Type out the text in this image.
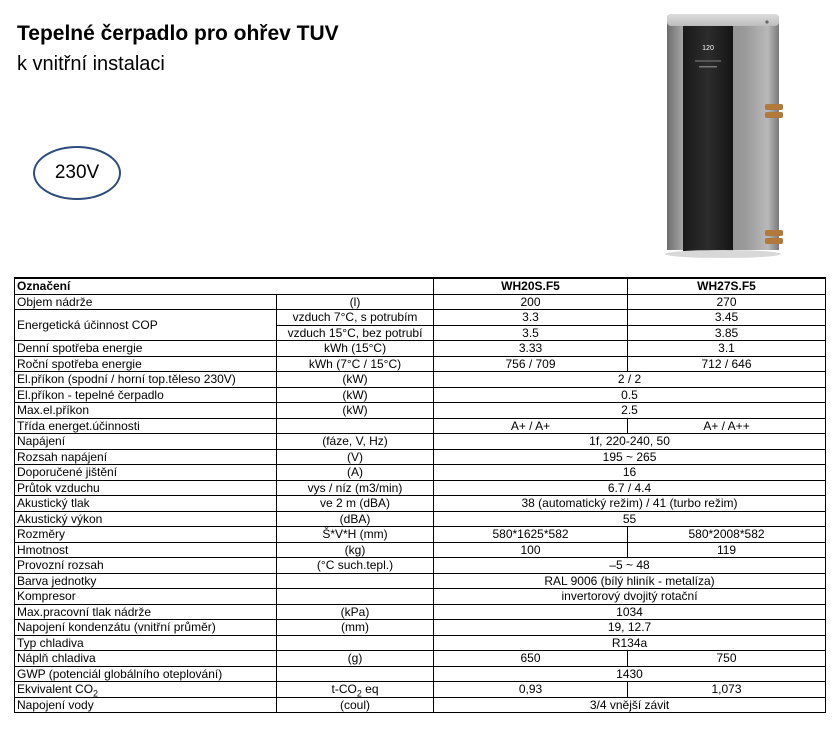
Tepelné čerpadlo pro ohřev TUV
k vnitřní instalaci
230V
120
Označení		WH20S.F5	WH27S.F5
Objem nádrže	(l)	200	270
Energetická účinnost COP	vzduch 7°C, s potrubím	3.3	3.45
	vzduch 15°C, bez potrubí	3.5	3.85
Denní spotřeba energie	kWh (15°C)	3.33	3.1
Roční spotřeba energie	kWh (7°C / 15°C)	756 / 709	712 / 646
El.příkon (spodní / horní top.těleso 230V)	(kW)	2 / 2	
El.příkon - tepelné čerpadlo	(kW)	0.5	
Max.el.příkon	(kW)	2.5	
Třída energet.účinnosti		A+ / A+	A+ / A++
Napájení	(fáze, V, Hz)	1f, 220-240, 50	
Rozsah napájení	(V)	195 ~ 265	
Doporučené jištění	(A)	16	
Průtok vzduchu	vys / níz (m3/min)	6.7 / 4.4	
Akustický tlak	ve 2 m (dBA)	38 (automatický režim) / 41 (turbo režim)	
Akustický výkon	(dBA)	55	
Rozměry	Š*V*H (mm)	580*1625*582	580*2008*582
Hmotnost	(kg)	100	119
Provozní rozsah	(°C such.tepl.)	–5 ~ 48	
Barva jednotky		RAL 9006 (bílý hliník - metalíza)	
Kompresor		invertorový dvojitý rotační	
Max.pracovní tlak nádrže	(kPa)	1034	
Napojení kondenzátu (vnitřní průměr)	(mm)	19, 12.7	
Typ chladiva		R134a	
Náplň chladiva	(g)	650	750
GWP (potenciál globálního oteplování)		1430	
Ekvivalent $CO_2$	$t-CO_2$ eq	0,93	1,073
Napojení vody	(coul)	3/4 vnější závit	
